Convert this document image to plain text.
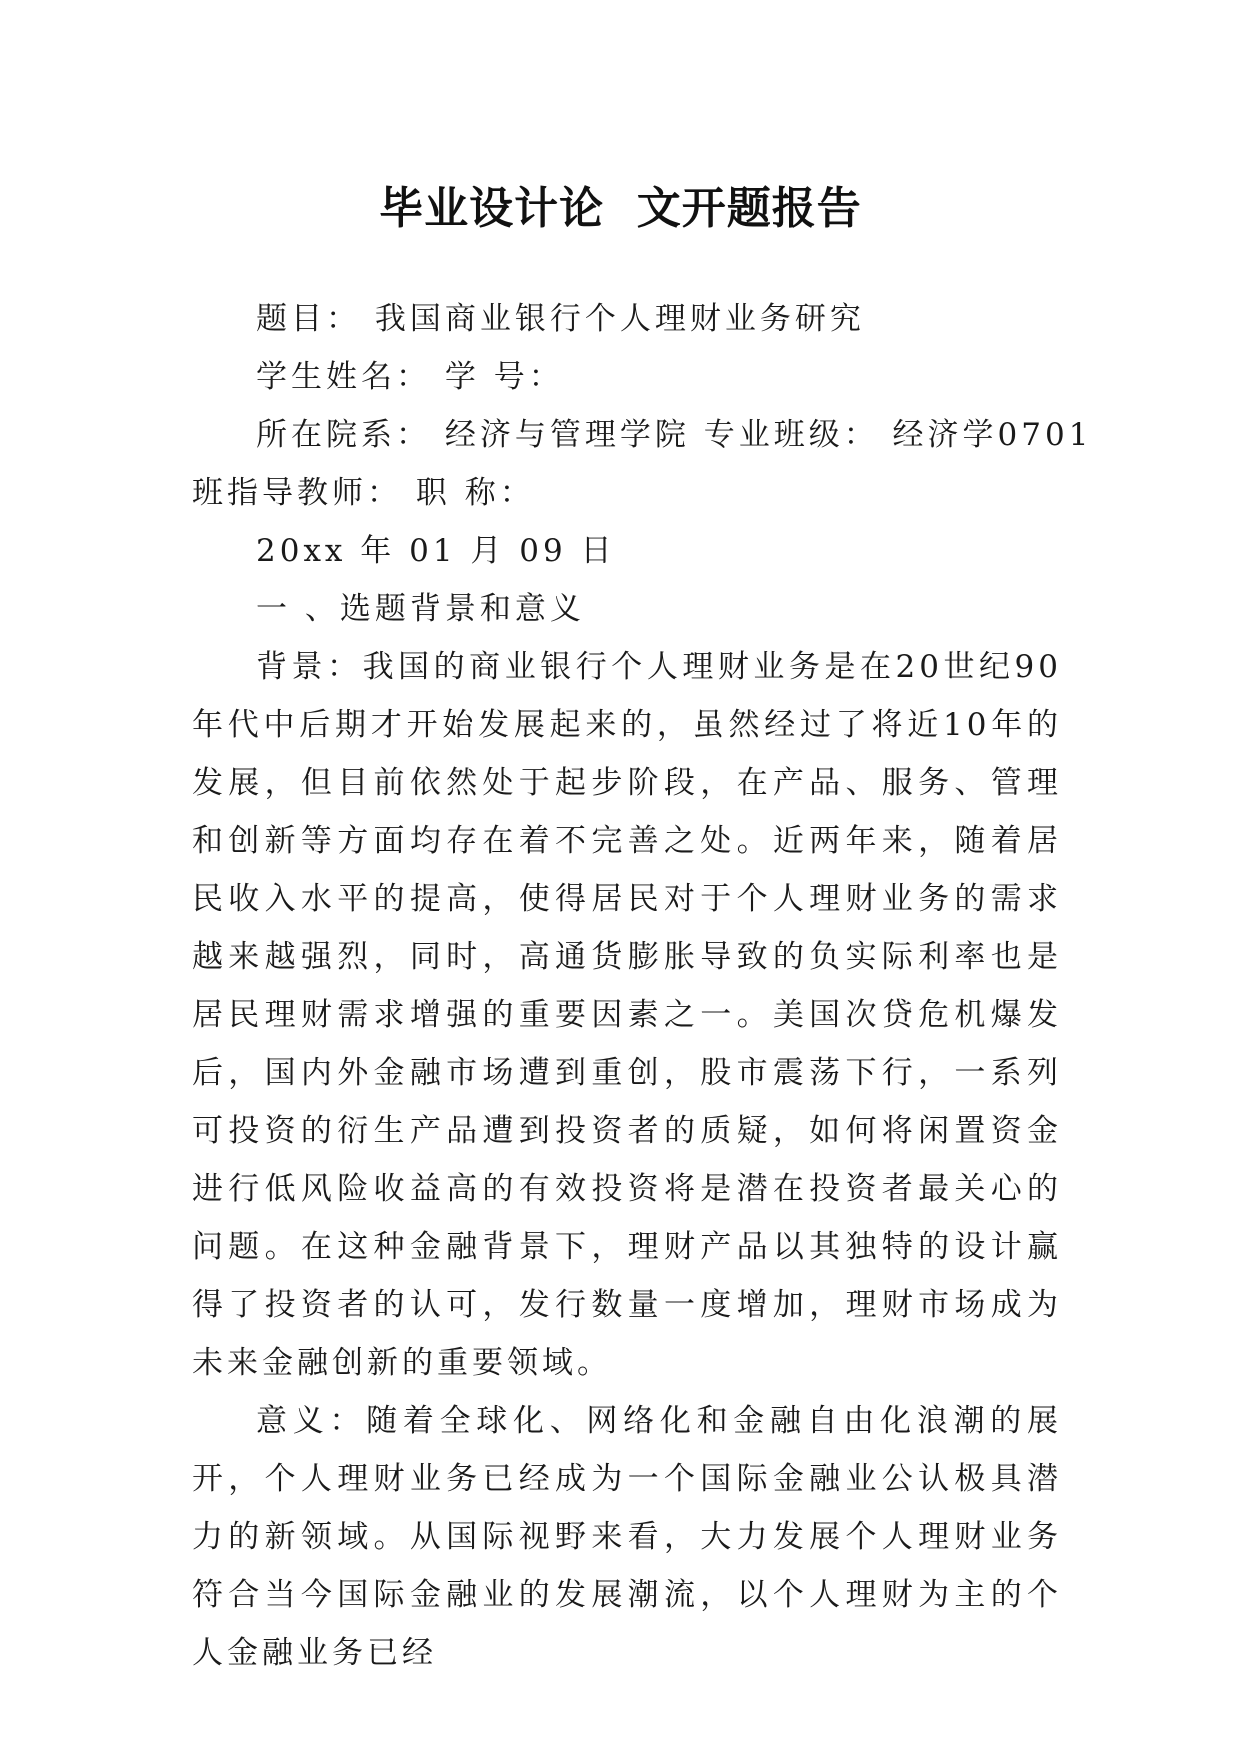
毕业设计论  文开题报告

题目： 我国商业银行个人理财业务研究

学生姓名： 学 号：

所在院系： 经济与管理学院 专业班级： 经济学0701

班指导教师： 职 称：

20xx 年 01 月 09 日

一 、选题背景和意义

背景：我国的商业银行个人理财业务是在20世纪90年代中后期才开始发展起来的，虽然经过了将近10年的发展，但目前依然处于起步阶段，在产品、服务、管理和创新等方面均存在着不完善之处。近两年来，随着居民收入水平的提高，使得居民对于个人理财业务的需求越来越强烈，同时，高通货膨胀导致的负实际利率也是居民理财需求增强的重要因素之一。美国次贷危机爆发后，国内外金融市场遭到重创，股市震荡下行，一系列可投资的衍生产品遭到投资者的质疑，如何将闲置资金进行低风险收益高的有效投资将是潜在投资者最关心的问题。在这种金融背景下，理财产品以其独特的设计赢得了投资者的认可，发行数量一度增加，理财市场成为未来金融创新的重要领域。

意义：随着全球化、网络化和金融自由化浪潮的展开，个人理财业务已经成为一个国际金融业公认极具潜力的新领域。从国际视野来看，大力发展个人理财业务符合当今国际金融业的发展潮流，以个人理财为主的个人金融业务已经
